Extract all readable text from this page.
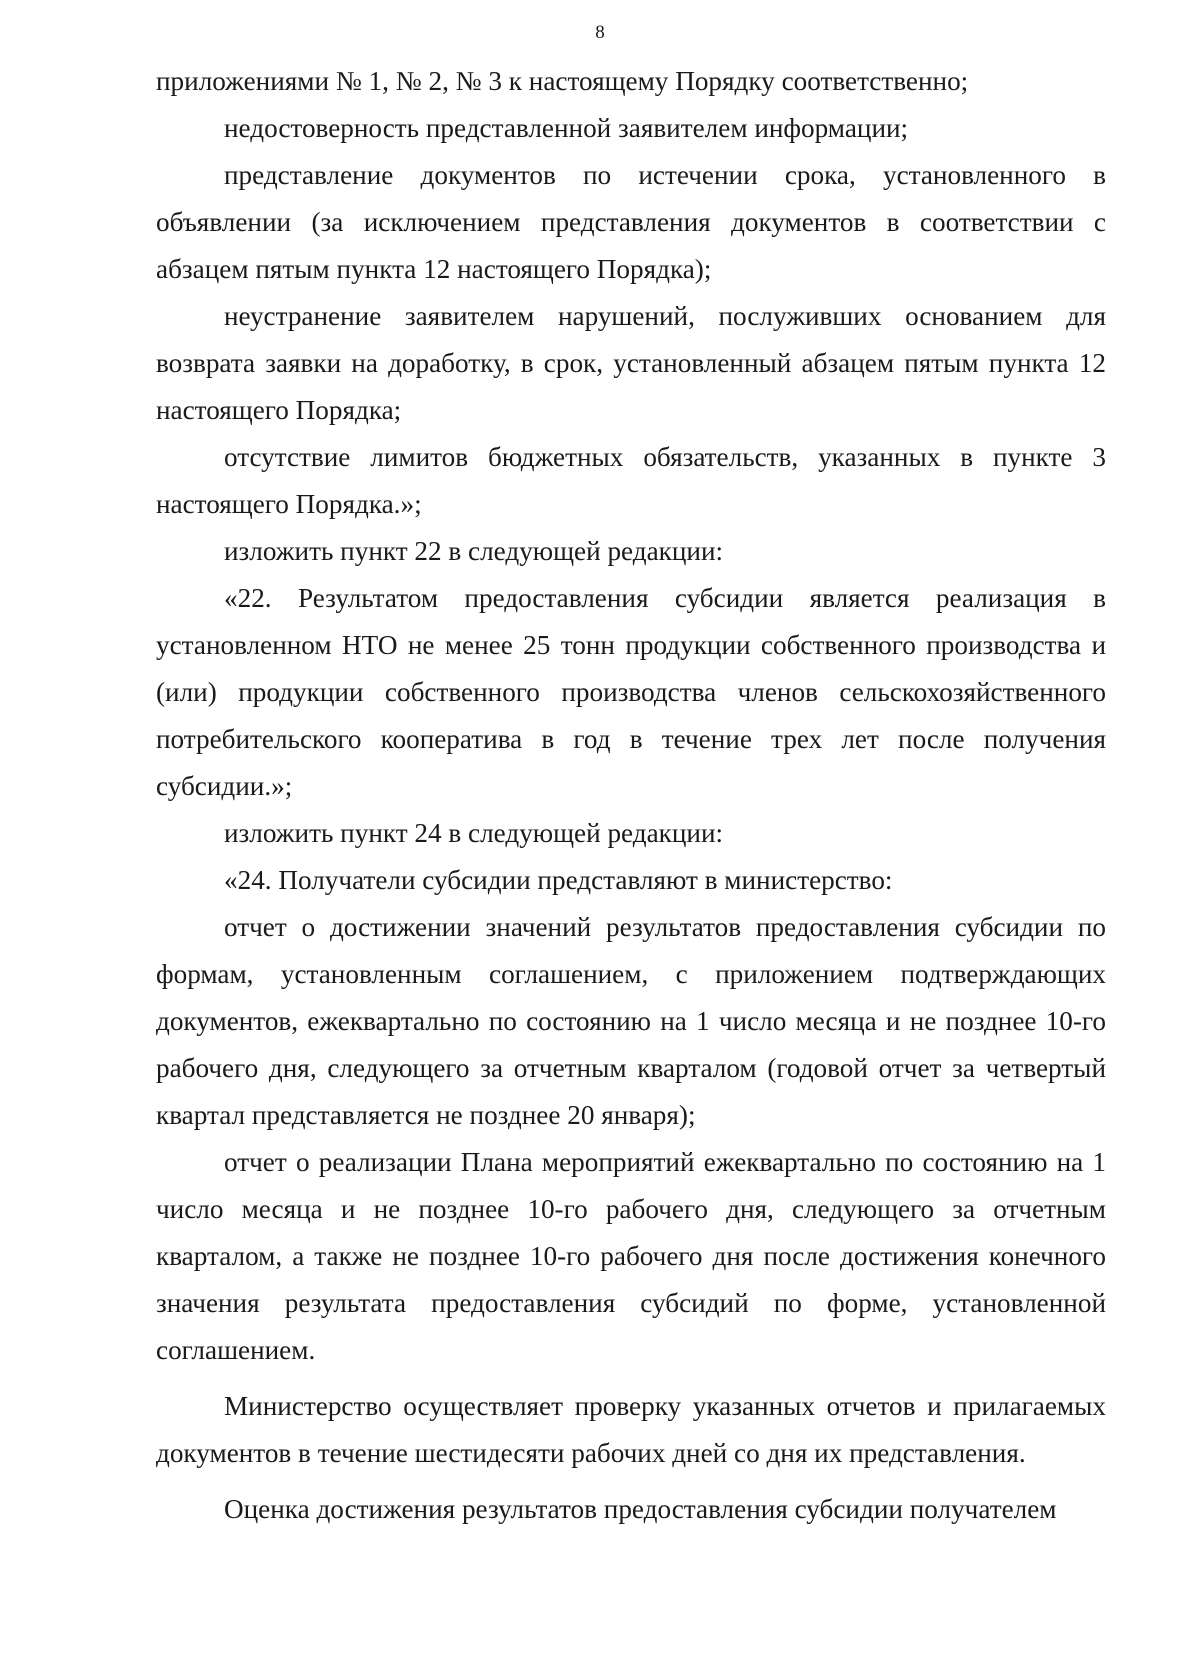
8

приложениями № 1, № 2, № 3 к настоящему Порядку соответственно;

недостоверность представленной заявителем информации;

представление документов по истечении срока, установленного в объявлении (за исключением представления документов в соответствии с абзацем пятым пункта 12 настоящего Порядка);

неустранение заявителем нарушений, послуживших основанием для возврата заявки на доработку, в срок, установленный абзацем пятым пункта 12 настоящего Порядка;

отсутствие лимитов бюджетных обязательств, указанных в пункте 3 настоящего Порядка.»;

изложить пункт 22 в следующей редакции:

«22. Результатом предоставления субсидии является реализация в установленном НТО не менее 25 тонн продукции собственного производства и (или) продукции собственного производства членов сельскохозяйственного потребительского кооператива в год в течение трех лет после получения субсидии.»;

изложить пункт 24 в следующей редакции:

«24. Получатели субсидии представляют в министерство:

отчет о достижении значений результатов предоставления субсидии по формам, установленным соглашением, с приложением подтверждающих документов, ежеквартально по состоянию на 1 число месяца и не позднее 10-го рабочего дня, следующего за отчетным кварталом (годовой отчет за четвертый квартал представляется не позднее 20 января);

отчет о реализации Плана мероприятий ежеквартально по состоянию на 1 число месяца и не позднее 10-го рабочего дня, следующего за отчетным кварталом, а также не позднее 10-го рабочего дня после достижения конечного значения результата предоставления субсидий по форме, установленной соглашением.

Министерство осуществляет проверку указанных отчетов и прилагаемых документов в течение шестидесяти рабочих дней со дня их представления.

Оценка достижения результатов предоставления субсидии получателем
